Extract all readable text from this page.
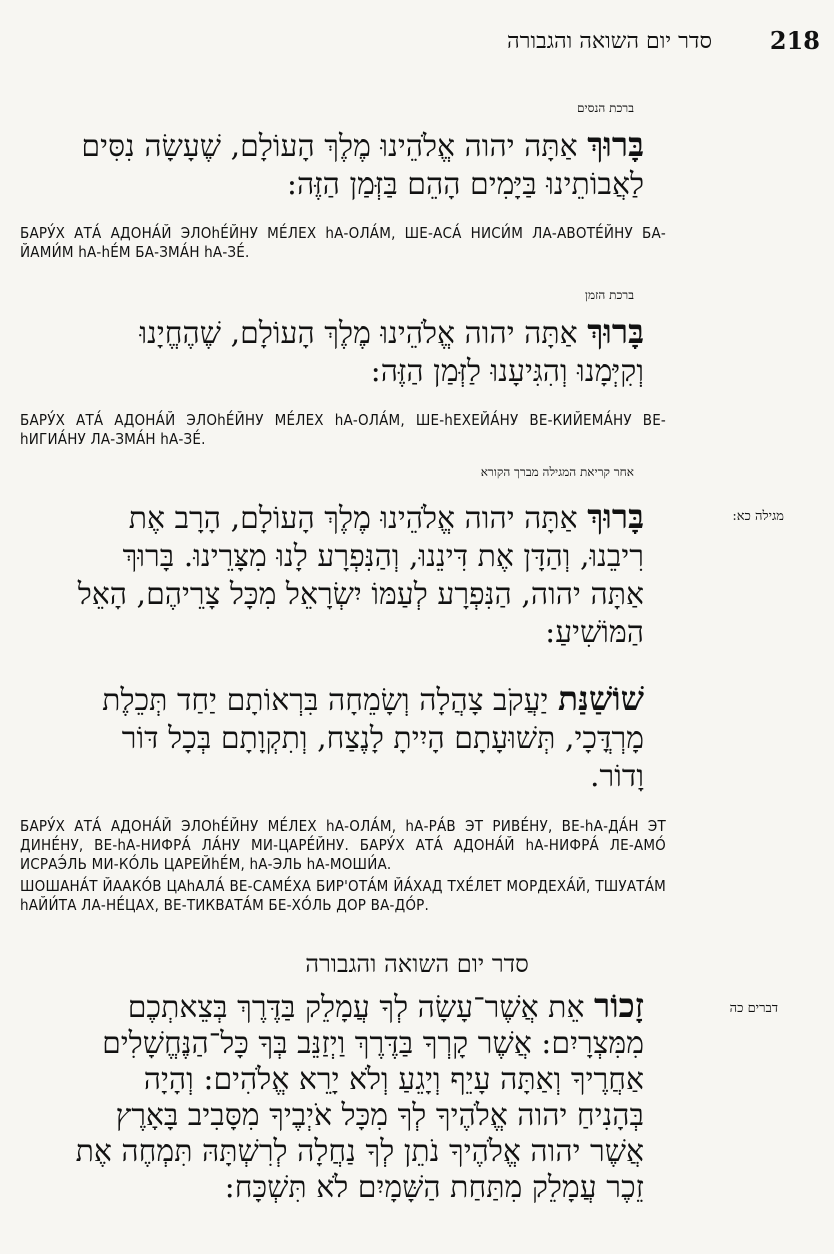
218
סדר יום השואה והגבורה
ברכת הנסים
בָּרוּךְ אַתָּה יהוה אֱלֹהֵינוּ מֶלֶךְ הָעוֹלָם, שֶׁעָשָׂה נִסִּים
לַאֲבוֹתֵינוּ בַּיָּמִים הָהֵם בַּזְּמַן הַזֶּה:
БАРУ́Х АТА́ АДОНА́Й ЭЛОhЕ́ЙНУ МЕ́ЛЕХ hА-ОЛА́М, ШЕ-АСА́ НИСИ́М ЛА-АВОТЕ́ЙНУ БА-ЙАМИ́М hА-hЕ́М БА-ЗМА́Н hА-ЗЕ́.
ברכת הזמן
בָּרוּךְ אַתָּה יהוה אֱלֹהֵינוּ מֶלֶךְ הָעוֹלָם, שֶׁהֶחֱיָנוּ
וְקִיְּמָנוּ וְהִגִּיעָנוּ לַזְּמַן הַזֶּה:
БАРУ́Х АТА́ АДОНА́Й ЭЛОhЕ́ЙНУ МЕ́ЛЕХ hА-ОЛА́М, ШЕ-hЕХЕЙА́НУ ВЕ-КИЙЕМА́НУ ВЕ-hИГИА́НУ ЛА-ЗМА́Н hА-ЗЕ́.
אחר קריאת המגילה מברך הקורא
מגילה כא:
בָּרוּךְ אַתָּה יהוה אֱלֹהֵינוּ מֶלֶךְ הָעוֹלָם, הָרָב אֶת
רִיבֵנוּ, וְהַדָּן אֶת דִּינֵנוּ, וְהַנִּפְרָע לָנוּ מִצָּרֵינוּ. בָּרוּךְ
אַתָּה יהוה, הַנִּפְרָע לְעַמּוֹ יִשְׂרָאֵל מִכָּל צָרֵיהֶם, הָאֵל
הַמּוֹשִׁיעַ:
שׁוֹשַׁנַּת יַעֲקֹב צָהֲלָה וְשָׂמֵחָה בִּרְאוֹתָם יַחַד תְּכֵלֶת
מָרְדֳּכָי, תְּשׁוּעָתָם הָיִיתָ לָנֶצַח, וְתִקְוָתָם בְּכָל דּוֹר
וָדוֹר.
БАРУ́Х АТА́ АДОНА́Й ЭЛОhЕ́ЙНУ МЕ́ЛЕХ hА-ОЛА́М, hА-РА́В ЭТ РИВЕ́НУ, ВЕ-hА-ДА́Н ЭТ ДИНЕ́НУ, ВЕ-hА-НИФРА́ ЛА́НУ МИ-ЦАРЕ́ЙНУ. БАРУ́Х АТА́ АДОНА́Й hА-НИФРА́ ЛЕ-АМО́ ИСРАЭ́ЛЬ МИ-КО́ЛЬ ЦАРЕЙhЕ́М, hА-ЭЛЬ hА-МОШИ́А.
ШОШАНА́Т ЙААКО́В ЦАhАЛА́ ВЕ-САМЕ́ХА БИР'ОТА́М ЙА́ХАД ТХЕ́ЛЕТ МОРДЕХА́Й, ТШУАТА́М hАЙИ́ТА ЛА-НЕ́ЦАХ, ВЕ-ТИКВАТА́М БЕ-ХО́ЛЬ ДОР ВА-ДО́Р.
סדר יום השואה והגבורה
דברים כה
זָכוֹר אֵת אֲשֶׁר־עָשָׂה לְךָ עֲמָלֵק בַּדֶּרֶךְ בְּצֵאתְכֶם
מִמִּצְרָיִם: אֲשֶׁר קָרְךָ בַּדֶּרֶךְ וַיְזַנֵּב בְּךָ כָּל־הַנֶּחֱשָׁלִים
אַחֲרֶיךָ וְאַתָּה עָיֵף וְיָגֵעַ וְלֹא יָרֵא אֱלֹהִים: וְהָיָה
בְּהָנִיחַ יהוה אֱלֹהֶיךָ לְךָ מִכָּל אֹיְבֶיךָ מִסָּבִיב בָּאָרֶץ
אֲשֶׁר יהוה אֱלֹהֶיךָ נֹתֵן לְךָ נַחֲלָה לְרִשְׁתָּהּ תִּמְחֶה אֶת
זֵכֶר עֲמָלֵק מִתַּחַת הַשָּׁמָיִם לֹא תִּשְׁכָּח:
